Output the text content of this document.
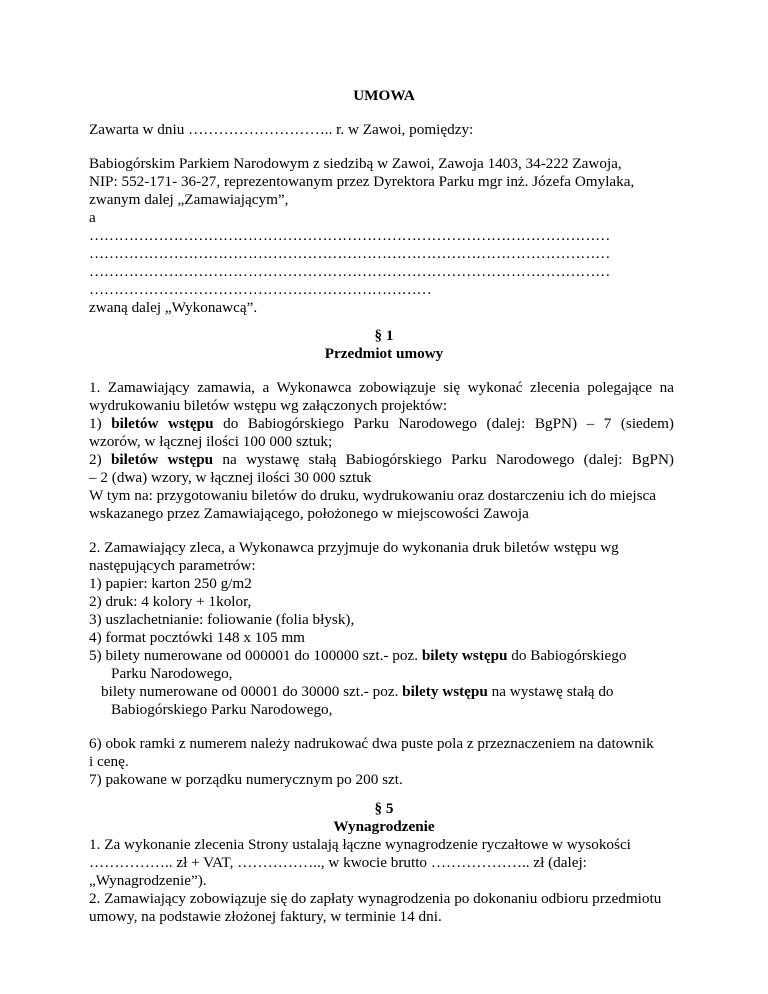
UMOWA
Zawarta w dniu ……………………….. r. w Zawoi, pomiędzy:
Babiogórskim Parkiem Narodowym z siedzibą w Zawoi, Zawoja 1403, 34-222 Zawoja,
NIP: 552-171- 36-27, reprezentowanym przez Dyrektora Parku mgr inż. Józefa Omylaka,
zwanym dalej „Zamawiającym”,
a
……………………………………………………………………………………………
……………………………………………………………………………………………
……………………………………………………………………………………………
……………………………………………………………
zwaną dalej „Wykonawcą”.
§ 1
Przedmiot umowy
1. Zamawiający zamawia, a Wykonawca zobowiązuje się wykonać zlecenia polegające na
wydrukowaniu biletów wstępu wg załączonych projektów:
1) biletów wstępu do Babiogórskiego Parku Narodowego (dalej: BgPN) – 7 (siedem)
wzorów, w łącznej ilości 100 000 sztuk;
2) biletów wstępu na wystawę stałą Babiogórskiego Parku Narodowego (dalej: BgPN)
– 2 (dwa) wzory, w łącznej ilości 30 000 sztuk
W tym na: przygotowaniu biletów do druku, wydrukowaniu oraz dostarczeniu ich do miejsca
wskazanego przez Zamawiającego, położonego w miejscowości Zawoja
2. Zamawiający zleca, a Wykonawca przyjmuje do wykonania druk biletów wstępu wg
następujących parametrów:
1) papier: karton 250 g/m2
2) druk: 4 kolory + 1kolor,
3) uszlachetnianie: foliowanie (folia błysk),
4) format pocztówki 148 x 105 mm
5) bilety numerowane od 000001 do 100000 szt.- poz. bilety wstępu do Babiogórskiego
Parku Narodowego,
bilety numerowane od 00001 do 30000 szt.- poz. bilety wstępu na wystawę stałą do
Babiogórskiego Parku Narodowego,
6) obok ramki z numerem należy nadrukować dwa puste pola z przeznaczeniem na datownik
i cenę.
7) pakowane w porządku numerycznym po 200 szt.
§ 5
Wynagrodzenie
1. Za wykonanie zlecenia Strony ustalają łączne wynagrodzenie ryczałtowe w wysokości
…………….. zł + VAT, …………….., w kwocie brutto ……………….. zł (dalej:
„Wynagrodzenie”).
2. Zamawiający zobowiązuje się do zapłaty wynagrodzenia po dokonaniu odbioru przedmiotu
umowy, na podstawie złożonej faktury, w terminie 14 dni.
